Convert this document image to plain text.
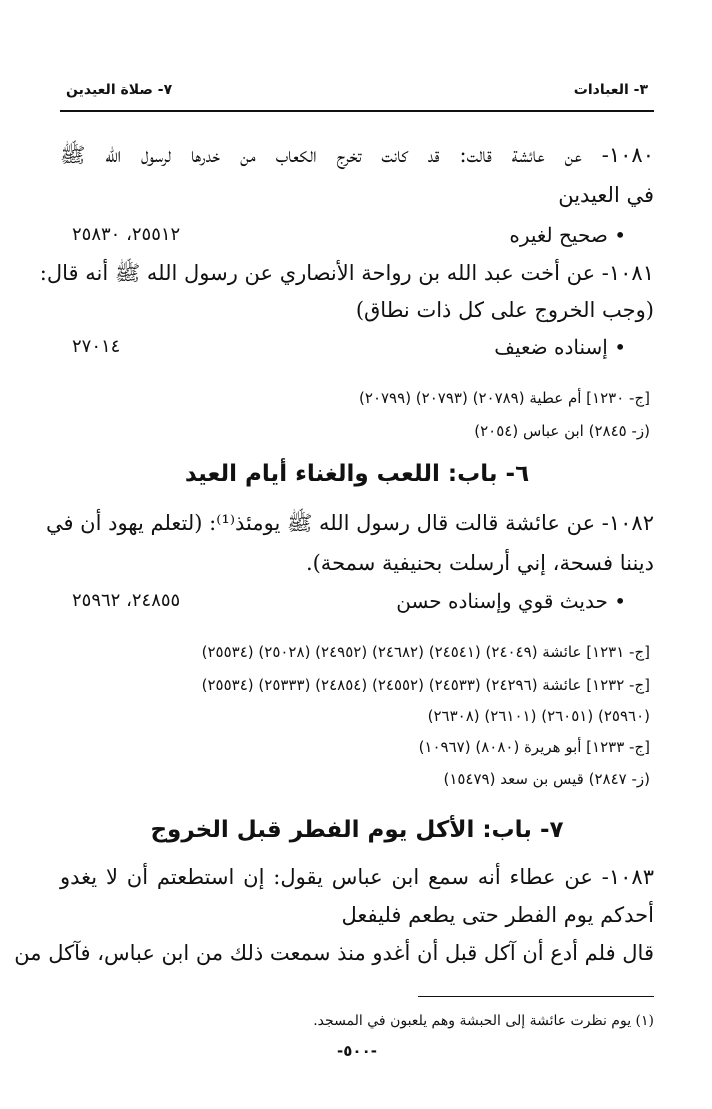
٣- العبادات
٧- صلاة العيدين
١٠٨٠- عن عائشة قالت: قد كانت تخرج الكعاب من خدرها لرسول الله ﷺ
في العيدين
• صحيح لغيره
٢٥٥١٢، ٢٥٨٣٠
١٠٨١- عن أخت عبد الله بن رواحة الأنصاري عن رسول الله ﷺ أنه قال:
(وجب الخروج على كل ذات نطاق)
• إسناده ضعيف
٢٧٠١٤
[ج- ١٢٣٠] أم عطية (٢٠٧٨٩) (٢٠٧٩٣) (٢٠٧٩٩)
(ز- ٢٨٤٥) ابن عباس (٢٠٥٤)
٦- باب: اللعب والغناء أيام العيد
١٠٨٢- عن عائشة قالت قال رسول الله ﷺ يومئذ⁽¹⁾: (لتعلم يهود أن في
ديننا فسحة، إني أرسلت بحنيفية سمحة).
• حديث قوي وإسناده حسن
٢٤٨٥٥، ٢٥٩٦٢
[ج- ١٢٣١] عائشة (٢٤٠٤٩) (٢٤٥٤١) (٢٤٦٨٢) (٢٤٩٥٢) (٢٥٠٢٨) (٢٥٥٣٤)
[ج- ١٢٣٢] عائشة (٢٤٢٩٦) (٢٤٥٣٣) (٢٤٥٥٢) (٢٤٨٥٤) (٢٥٣٣٣) (٢٥٥٣٤)
(٢٥٩٦٠) (٢٦٠٥١) (٢٦١٠١) (٢٦٣٠٨)
[ج- ١٢٣٣] أبو هريرة (٨٠٨٠) (١٠٩٦٧)
(ز- ٢٨٤٧) قيس بن سعد (١٥٤٧٩)
٧- باب: الأكل يوم الفطر قبل الخروج
١٠٨٣- عن عطاء أنه سمع ابن عباس يقول: إن استطعتم أن لا يغدو
أحدكم يوم الفطر حتى يطعم فليفعل
قال فلم أدع أن آكل قبل أن أغدو منذ سمعت ذلك من ابن عباس، فآكل من
(١) يوم نظرت عائشة إلى الحبشة وهم يلعبون في المسجد.
-٥٠٠-
